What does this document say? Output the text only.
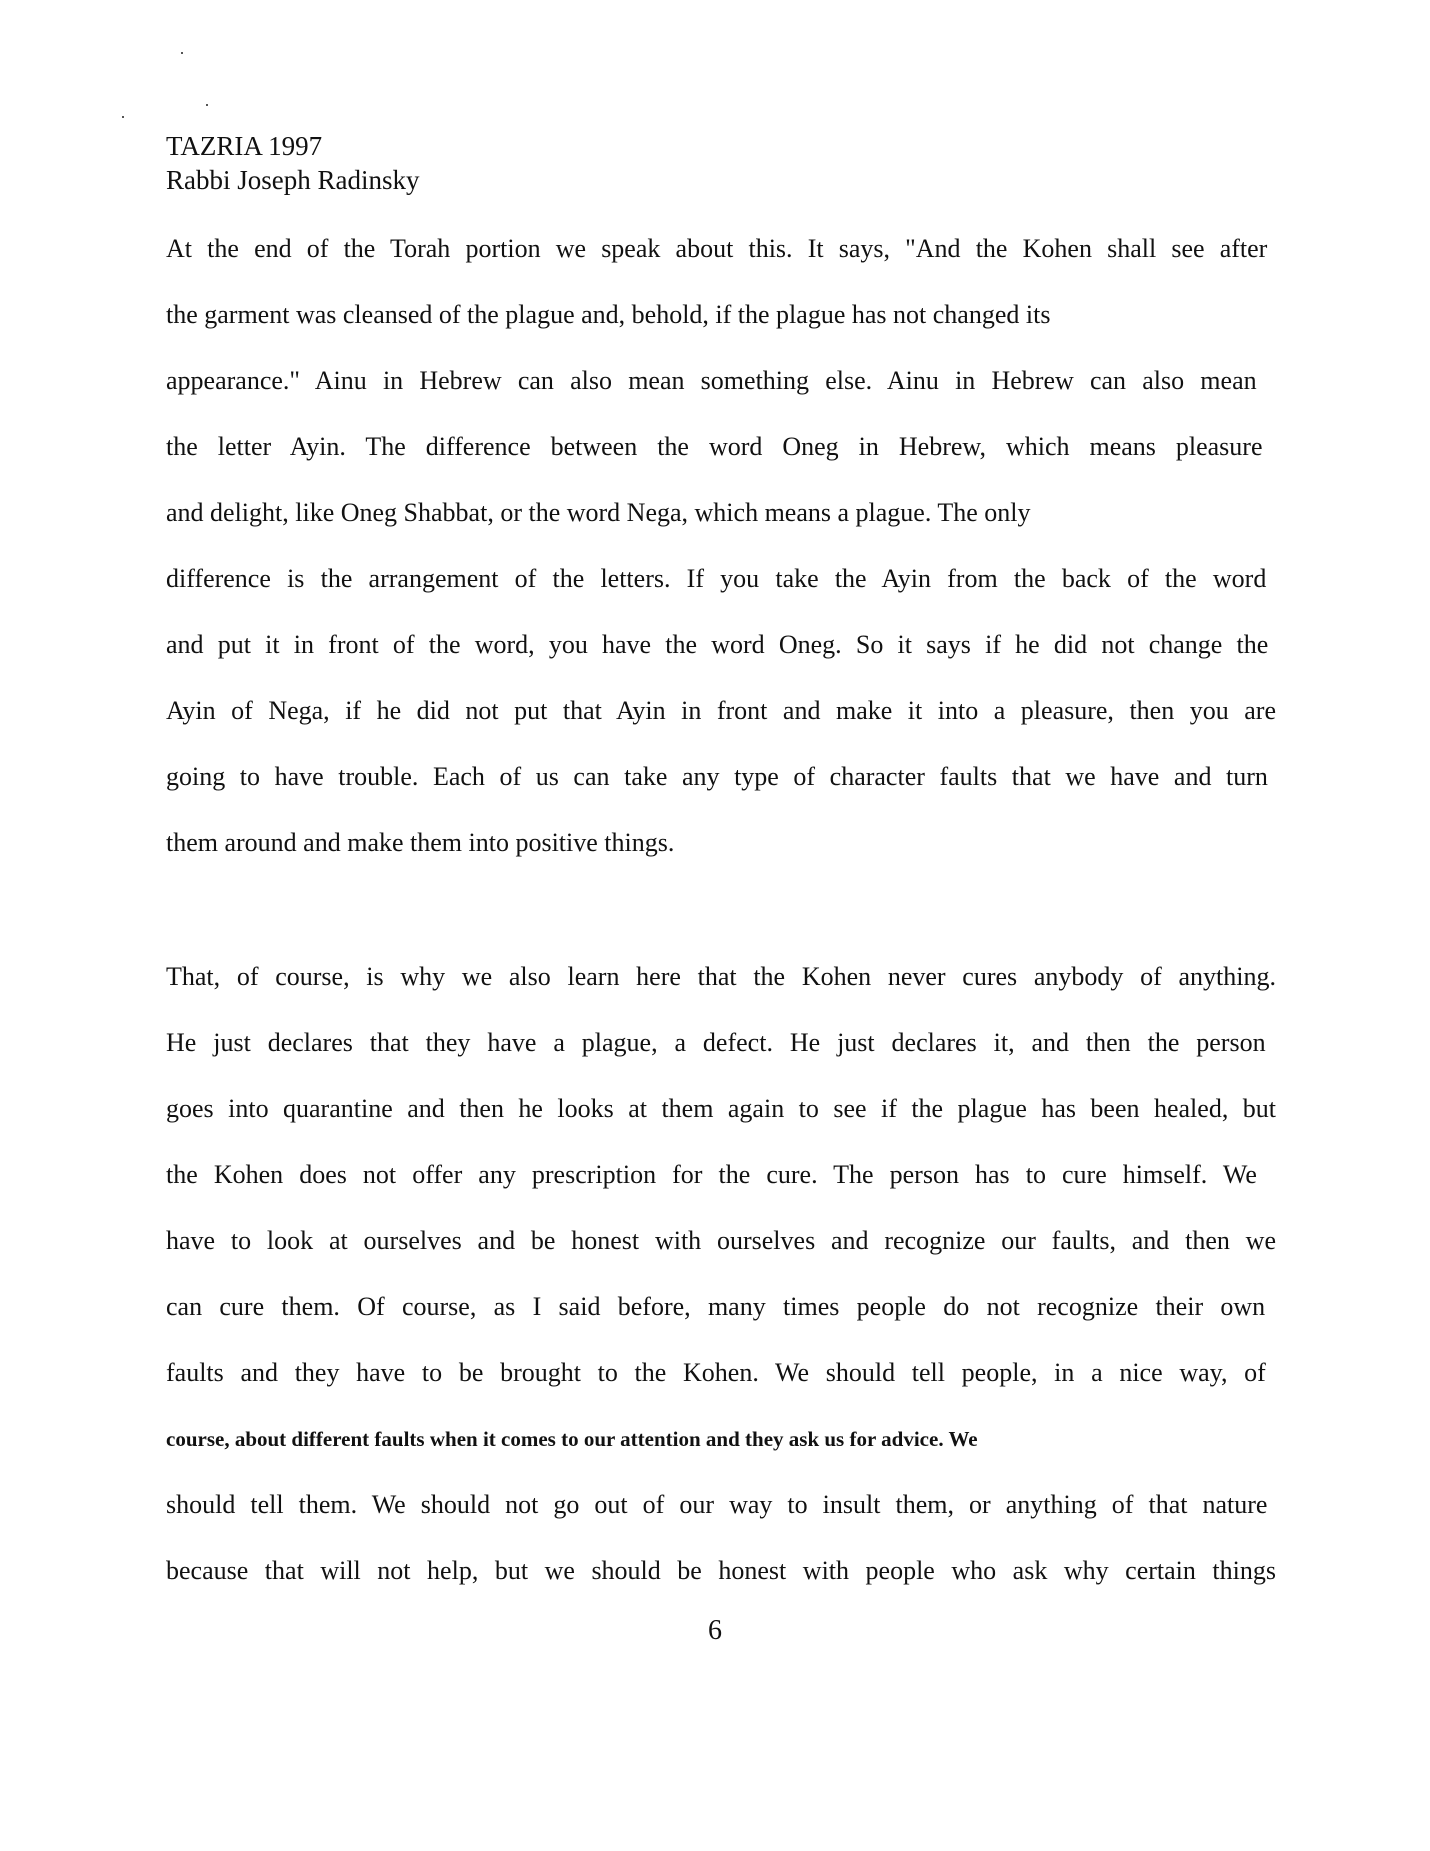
TAZRIA 1997
Rabbi Joseph Radinsky
At the end of the Torah portion we speak about this. It says, "And the Kohen shall see after
the garment was cleansed of the plague and, behold, if the plague has not changed its
appearance." Ainu in Hebrew can also mean something else. Ainu in Hebrew can also mean
the letter Ayin. The difference between the word Oneg in Hebrew, which means pleasure
and delight, like Oneg Shabbat, or the word Nega, which means a plague. The only
difference is the arrangement of the letters. If you take the Ayin from the back of the word
and put it in front of the word, you have the word Oneg. So it says if he did not change the
Ayin of Nega, if he did not put that Ayin in front and make it into a pleasure, then you are
going to have trouble. Each of us can take any type of character faults that we have and turn
them around and make them into positive things.
That, of course, is why we also learn here that the Kohen never cures anybody of anything.
He just declares that they have a plague, a defect. He just declares it, and then the person
goes into quarantine and then he looks at them again to see if the plague has been healed, but
the Kohen does not offer any prescription for the cure. The person has to cure himself. We
have to look at ourselves and be honest with ourselves and recognize our faults, and then we
can cure them. Of course, as I said before, many times people do not recognize their own
faults and they have to be brought to the Kohen. We should tell people, in a nice way, of
course, about different faults when it comes to our attention and they ask us for advice. We
should tell them. We should not go out of our way to insult them, or anything of that nature
because that will not help, but we should be honest with people who ask why certain things
6
